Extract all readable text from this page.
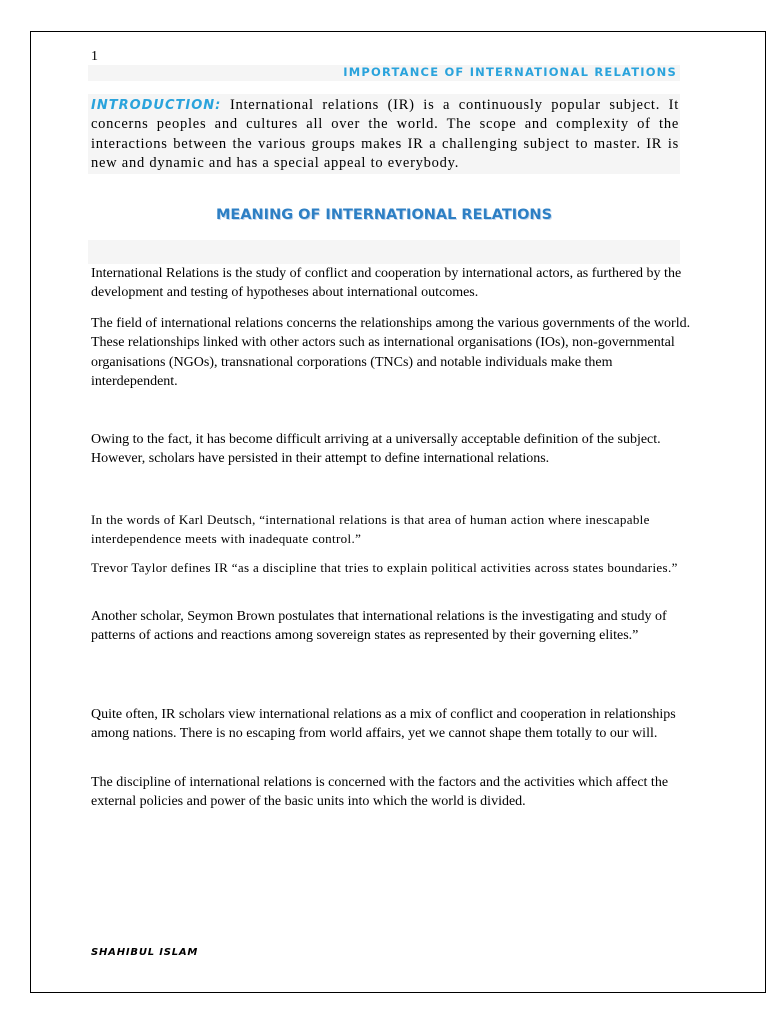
1
IMPORTANCE OF INTERNATIONAL RELATIONS
INTRODUCTION: International relations (IR) is a continuously popular subject. It concerns peoples and cultures all over the world. The scope and complexity of the interactions between the various groups makes IR a challenging subject to master. IR is new and dynamic and has a special appeal to everybody.
MEANING OF INTERNATIONAL RELATIONS

International Relations is the study of conflict and cooperation by international actors, as furthered by the development and testing of hypotheses about international outcomes.

The field of international relations concerns the relationships among the various governments of the world. These relationships linked with other actors such as international organisations (IOs), non-governmental organisations (NGOs), transnational corporations (TNCs) and notable individuals make them interdependent.

Owing to the fact, it has become difficult arriving at a universally acceptable definition of the subject. However, scholars have persisted in their attempt to define international relations.

In the words of Karl Deutsch, “international relations is that area of human action where inescapable interdependence meets with inadequate control.”

Trevor Taylor defines IR “as a discipline that tries to explain political activities across states boundaries.”

Another scholar, Seymon Brown postulates that international relations is the investigating and study of patterns of actions and reactions among sovereign states as represented by their governing elites.”

Quite often, IR scholars view international relations as a mix of conflict and cooperation in relationships among nations. There is no escaping from world affairs, yet we cannot shape them totally to our will.

The discipline of international relations is concerned with the factors and the activities which affect the external policies and power of the basic units into which the world is divided.

SHAHIBUL ISLAM
